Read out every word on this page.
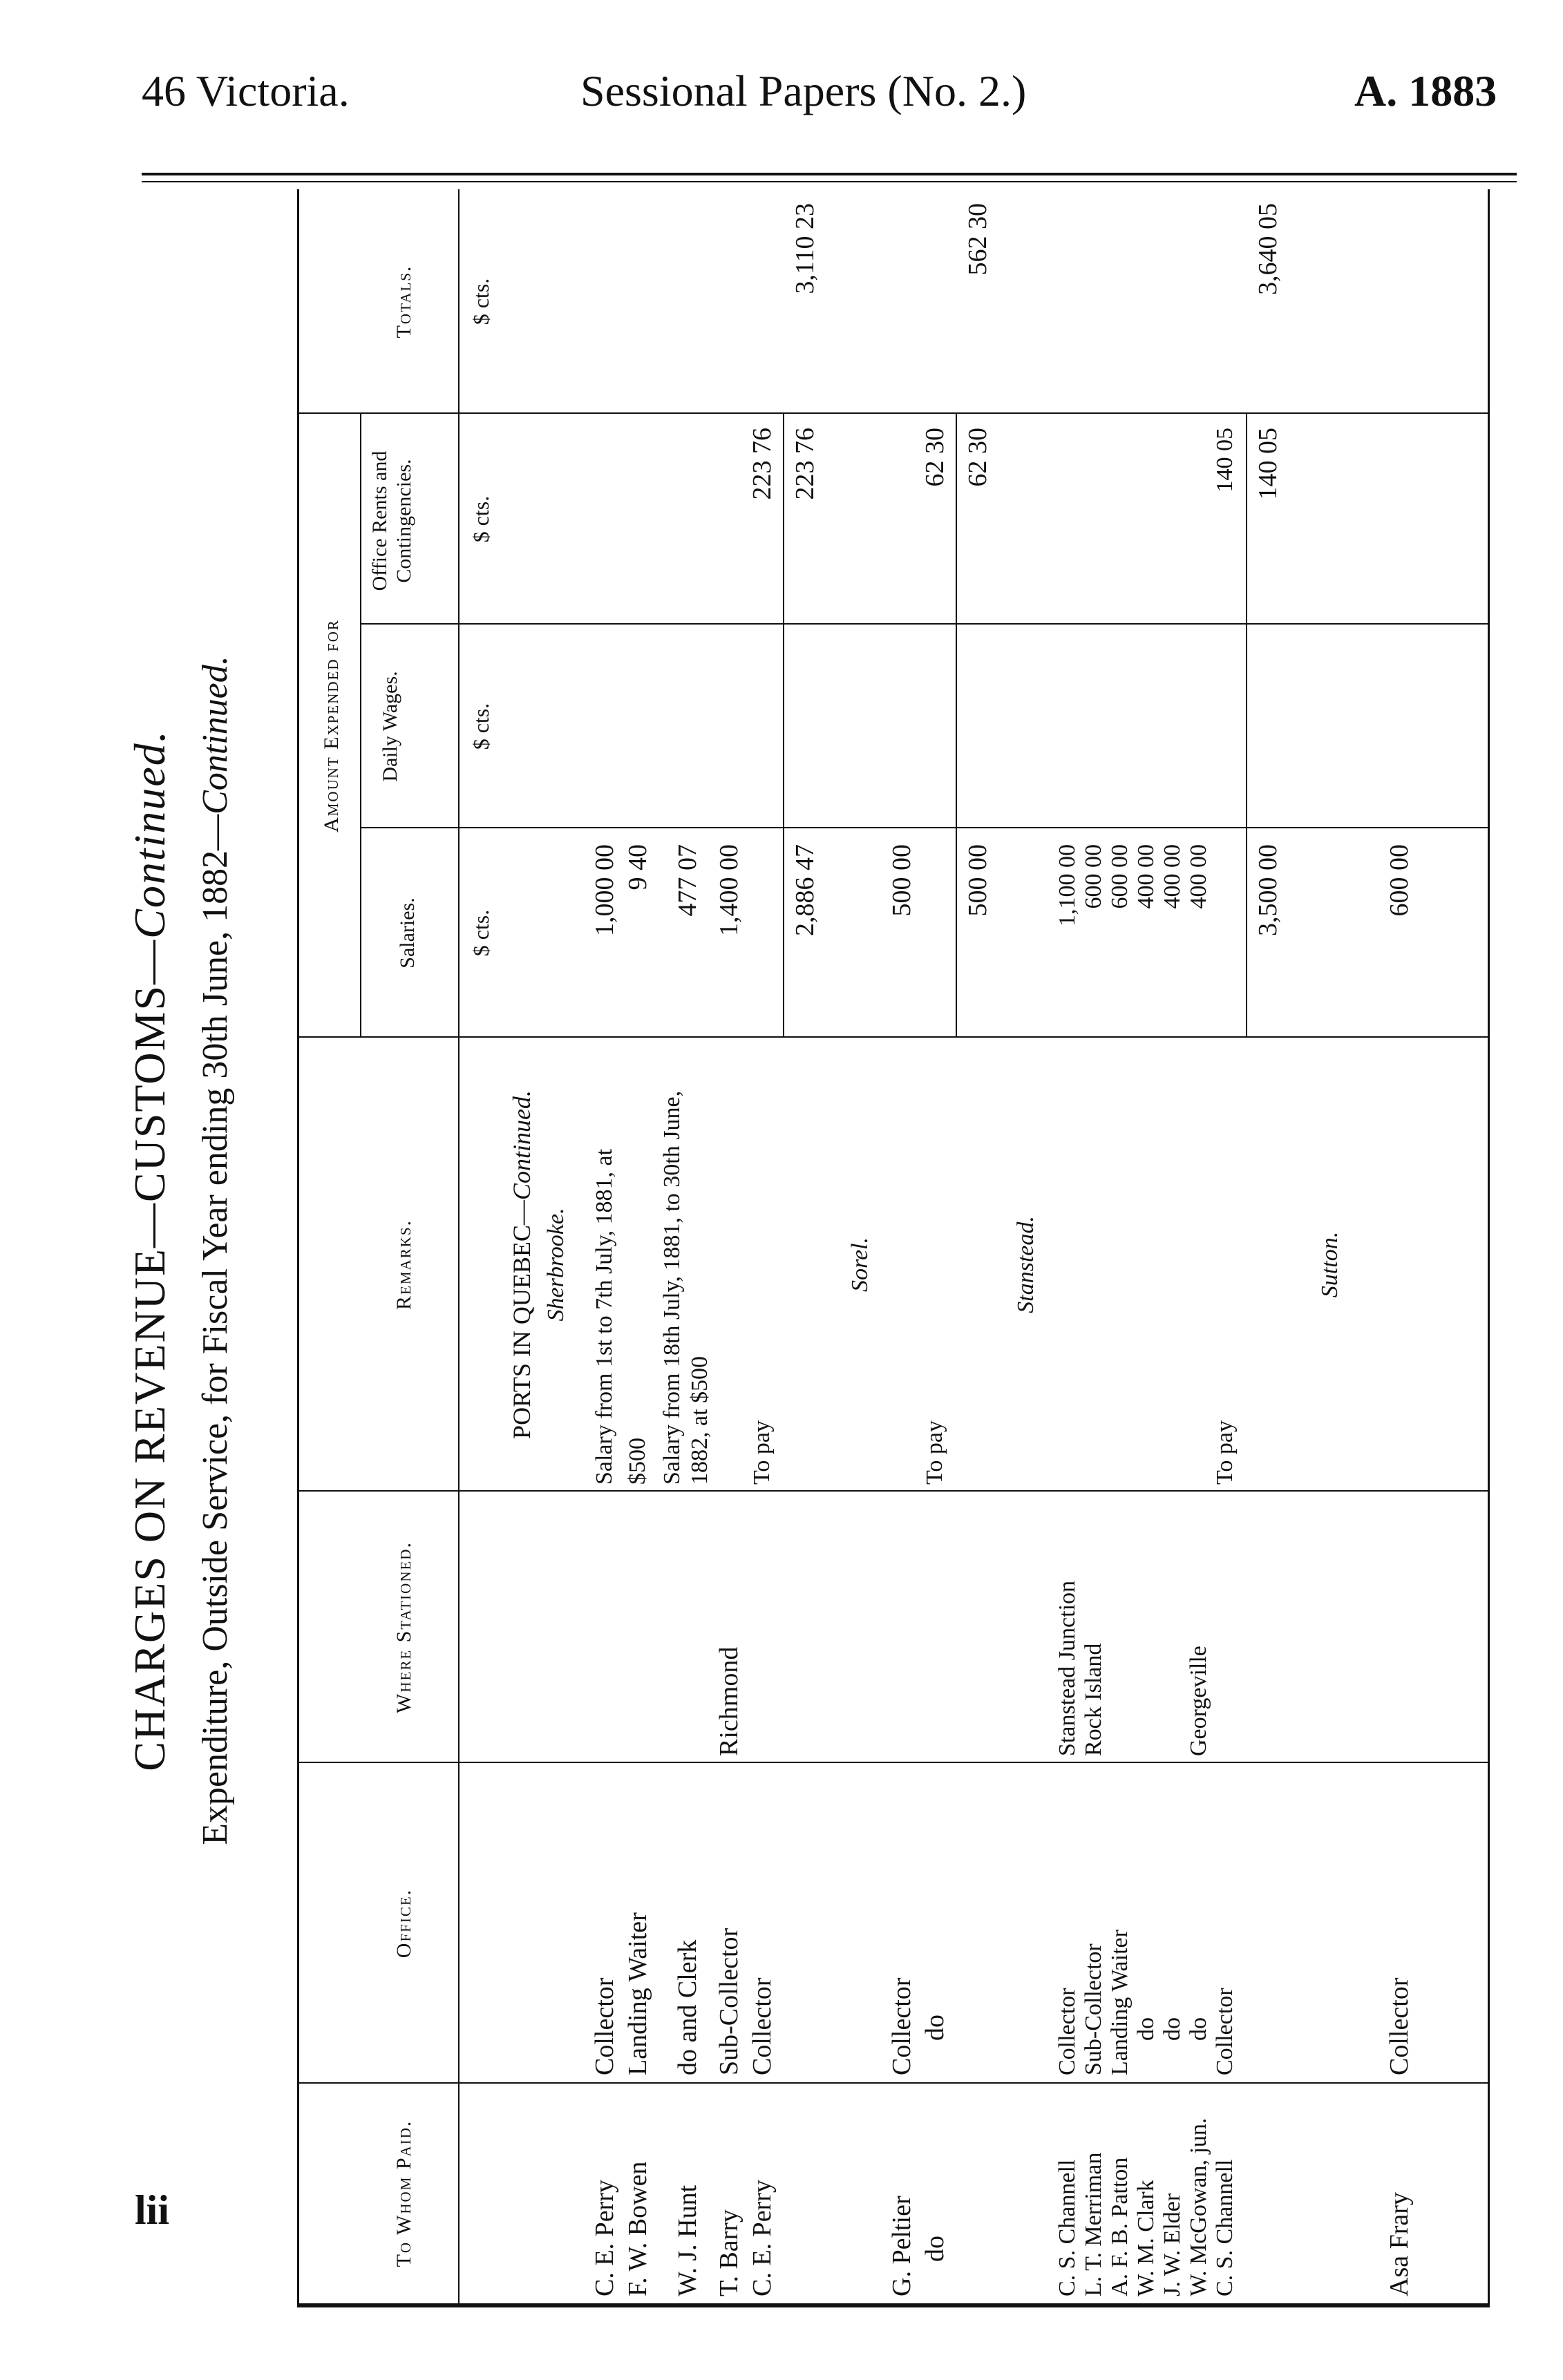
46 Victoria.	Sessional Papers (No. 2.)	A. 1883
CHARGES ON REVENUE—CUSTOMS—Continued. Expenditure, Outside Service, for Fiscal Year ending 30th June, 1882—Continued.
To Whom Paid.
Office.
Where Stationed.
Remarks.
Amount Expended for
Salaries.
Daily Wages.
Office Rents and Contingencies.
Totals.
$ cts.
$ cts.
$ cts.
$ cts.
PORTS IN QUEBEC—Continued.
Sherbrooke.
C. E. Perry
Collector
Salary from 1st to 7th July, 1881, at
1,000 00
F. W. Bowen
Landing Waiter
$500
9 40
W. J. Hunt
do and Clerk
Salary from 18th July, 1881, to 30th June, 1882, at $500
477 07
T. Barry
Sub-Collector
Richmond
1,400 00
C. E. Perry
Collector
To pay
223 76
2,886 47
223 76
3,110 23
Sorel.
G. Peltier
Collector
500 00
do
do
To pay
62 30
500 00
62 30
562 30
Stanstead.
C. S. Channell
Collector
Stanstead Junction
1,100 00
L. T. Merriman
Sub-Collector
Rock Island
600 00
A. F. B. Patton
Landing Waiter
600 00
W. M. Clark
do
400 00
J. W. Elder
do
400 00
W. McGowan, jun.
do
Georgeville
400 00
C. S. Channell
Collector
To pay
140 05
3,500 00
140 05
3,640 05
Sutton.
Asa Frary
Collector
600 00
lii
